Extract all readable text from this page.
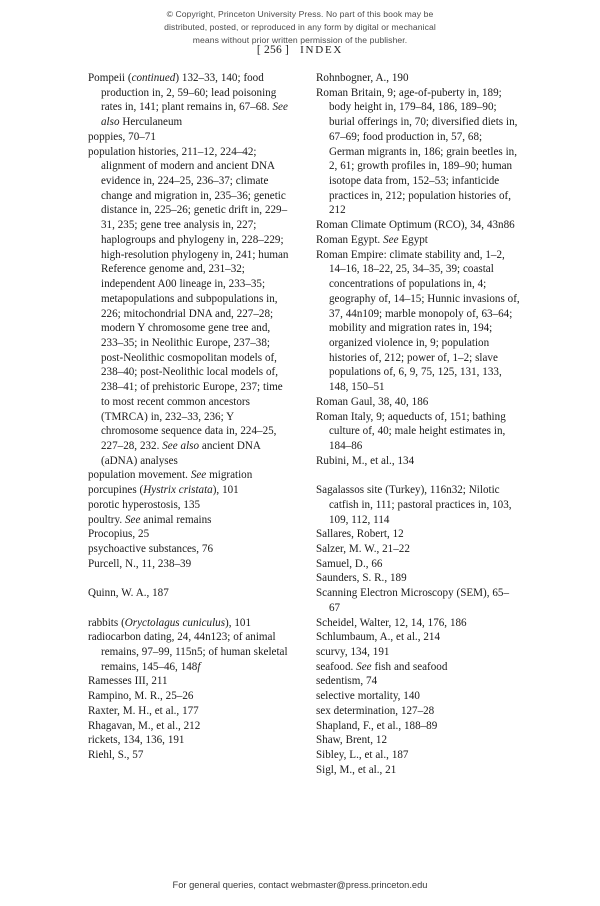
© Copyright, Princeton University Press. No part of this book may be
distributed, posted, or reproduced in any form by digital or mechanical
means without prior written permission of the publisher.
[ 256 ] INDEX

Pompeii (continued) 132–33, 140; food production in, 2, 59–60; lead poisoning rates in, 141; plant remains in, 67–68. See also Herculaneum

poppies, 70–71

population histories, 211–12, 224–42; alignment of modern and ancient DNA evidence in, 224–25, 236–37; climate change and migration in, 235–36; genetic distance in, 225–26; genetic drift in, 229–31, 235; gene tree analysis in, 227; haplogroups and phylogeny in, 228–229; high-resolution phylogeny in, 241; human Reference genome and, 231–32; independent A00 lineage in, 233–35; metapopulations and subpopulations in, 226; mitochondrial DNA and, 227–28; modern Y chromosome gene tree and, 233–35; in Neolithic Europe, 237–38; post-Neolithic cosmopolitan models of, 238–40; post-Neolithic local models of, 238–41; of prehistoric Europe, 237; time to most recent common ancestors (TMRCA) in, 232–33, 236; Y chromosome sequence data in, 224–25, 227–28, 232. See also ancient DNA (aDNA) analyses

population movement. See migration

porcupines (Hystrix cristata), 101

porotic hyperostosis, 135

poultry. See animal remains

Procopius, 25

psychoactive substances, 76

Purcell, N., 11, 238–39

Quinn, W. A., 187

rabbits (Oryctolagus cuniculus), 101

radiocarbon dating, 24, 44n123; of animal remains, 97–99, 115n5; of human skeletal remains, 145–46, 148f

Ramesses III, 211

Rampino, M. R., 25–26

Raxter, M. H., et al., 177

Rhagavan, M., et al., 212

rickets, 134, 136, 191

Riehl, S., 57

Rohnbogner, A., 190

Roman Britain, 9; age-of-puberty in, 189; body height in, 179–84, 186, 189–90; burial offerings in, 70; diversified diets in, 67–69; food production in, 57, 68; German migrants in, 186; grain beetles in, 2, 61; growth profiles in, 189–90; human isotope data from, 152–53; infanticide practices in, 212; population histories of, 212

Roman Climate Optimum (RCO), 34, 43n86

Roman Egypt. See Egypt

Roman Empire: climate stability and, 1–2, 14–16, 18–22, 25, 34–35, 39; coastal concentrations of populations in, 4; geography of, 14–15; Hunnic invasions of, 37, 44n109; marble monopoly of, 63–64; mobility and migration rates in, 194; organized violence in, 9; population histories of, 212; power of, 1–2; slave populations of, 6, 9, 75, 125, 131, 133, 148, 150–51

Roman Gaul, 38, 40, 186

Roman Italy, 9; aqueducts of, 151; bathing culture of, 40; male height estimates in, 184–86

Rubini, M., et al., 134

Sagalassos site (Turkey), 116n32; Nilotic catfish in, 111; pastoral practices in, 103, 109, 112, 114

Sallares, Robert, 12

Salzer, M. W., 21–22

Samuel, D., 66

Saunders, S. R., 189

Scanning Electron Microscopy (SEM), 65–67

Scheidel, Walter, 12, 14, 176, 186

Schlumbaum, A., et al., 214

scurvy, 134, 191

seafood. See fish and seafood

sedentism, 74

selective mortality, 140

sex determination, 127–28

Shapland, F., et al., 188–89

Shaw, Brent, 12

Sibley, L., et al., 187

Sigl, M., et al., 21

For general queries, contact webmaster@press.princeton.edu
